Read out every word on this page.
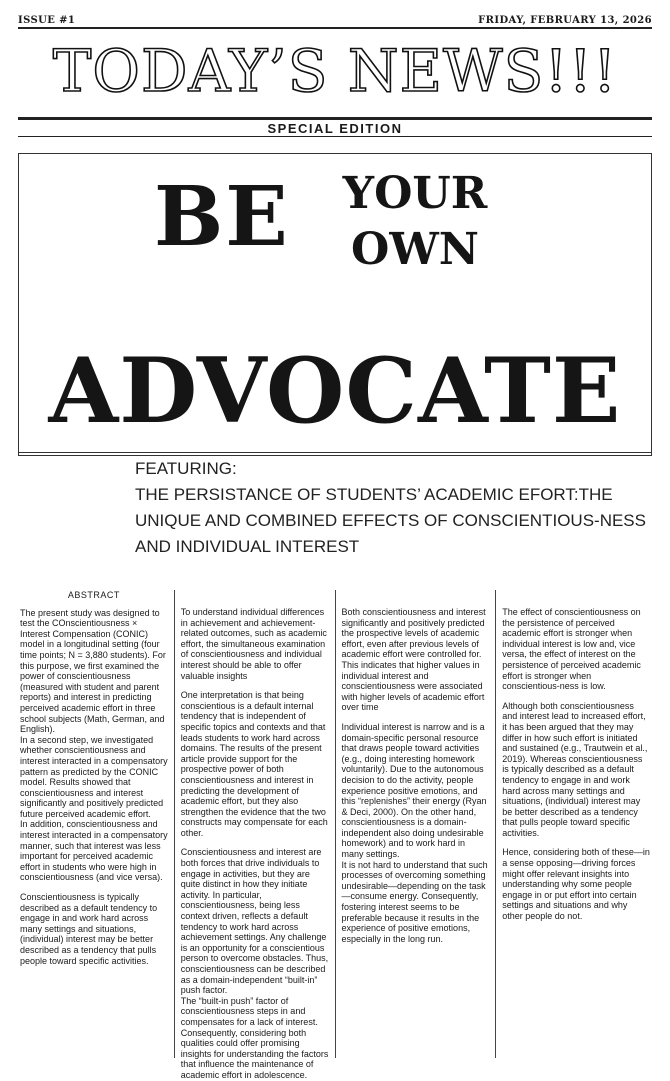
ISSUE #1	FRIDAY, FEBRUARY 13, 2026
TODAY’S NEWS!!!
SPECIAL EDITION
BE YOUR
OWN
ADVOCATE
FEATURING:
THE PERSISTANCE OF STUDENTS’ ACADEMIC EFORT:THE UNIQUE AND COMBINED EFFECTS OF CONSCIENTIOUS-NESS AND INDIVIDUAL INTEREST
ABSTRACT

The present study was designed to test the COnscientiousness × Interest Compensation (CONIC) model in a longitudinal setting (four time points; N = 3,880 students). For this purpose, we first examined the power of conscientiousness (measured with student and parent reports) and interest in predicting perceived academic effort in three school subjects (Math, German, and English).

In a second step, we investigated whether conscientiousness and interest interacted in a compensatory pattern as predicted by the CONIC model. Results showed that conscientiousness and interest significantly and positively predicted future perceived academic effort.

In addition, conscientiousness and interest interacted in a compensatory manner, such that interest was less important for perceived academic effort in students who were high in conscientiousness (and vice versa).

Conscientiousness is typically described as a default tendency to engage in and work hard across many settings and situations, (individual) interest may be better described as a tendency that pulls people toward specific activities.

To understand individual differences in achievement and achievement-related outcomes, such as academic effort, the simultaneous examination of conscientiousness and individual interest should be able to offer valuable insights

One interpretation is that being conscientious is a default internal tendency that is independent of specific topics and contexts and that leads students to work hard across domains. The results of the present article provide support for the prospective power of both conscientiousness and interest in predicting the development of academic effort, but they also strengthen the evidence that the two constructs may compensate for each other.

Conscientiousness and interest are both forces that drive individuals to engage in activities, but they are quite distinct in how they initiate activity. In particular, conscientiousness, being less context driven, reflects a default tendency to work hard across achievement settings. Any challenge is an opportunity for a conscientious person to overcome obstacles. Thus, conscientiousness can be described as a domain-independent “built-in” push factor.

The “built-in push” factor of conscientiousness steps in and compensates for a lack of interest. Consequently, considering both qualities could offer promising insights for understanding the factors that influence the maintenance of academic effort in adolescence.

Both conscientiousness and interest significantly and positively predicted the prospective levels of academic effort, even after previous levels of academic effort were controlled for. This indicates that higher values in individual interest and conscientiousness were associated with higher levels of academic effort over time

Individual interest is narrow and is a domain-specific personal resource that draws people toward activities (e.g., doing interesting homework voluntarily). Due to the autonomous decision to do the activity, people experience positive emotions, and this “replenishes” their energy (Ryan & Deci, 2000). On the other hand, conscientiousness is a domain-independent also doing undesirable homework) and to work hard in many settings.

It is not hard to understand that such processes of overcoming something undesirable—depending on the task—consume energy. Consequently, fostering interest seems to be preferable because it results in the experience of positive emotions, especially in the long run.

The effect of conscientiousness on the persistence of perceived academic effort is stronger when individual interest is low and, vice versa, the effect of interest on the persistence of perceived academic effort is stronger when conscientious-ness is low.

Although both conscientiousness and interest lead to increased effort, it has been argued that they may differ in how such effort is initiated and sustained (e.g., Trautwein et al., 2019). Whereas conscientiousness is typically described as a default tendency to engage in and work hard across many settings and situations, (individual) interest may be better described as a tendency that pulls people toward specific activities.

Hence, considering both of these—in a sense opposing—driving forces might offer relevant insights into understanding why some people engage in or put effort into certain settings and situations and why other people do not.
